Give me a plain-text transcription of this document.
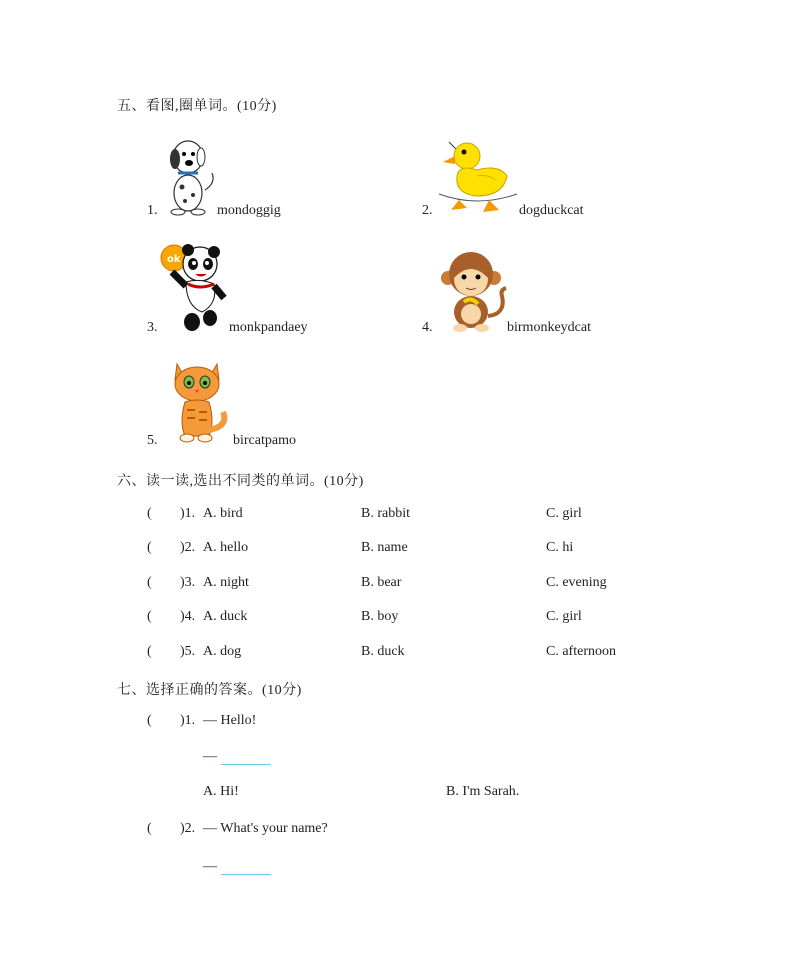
五、看图,圈单词。(10分)
1.	mondoggig	2.	dogduckcat
ok
3.	monkpandaey	4.	birmonkeydcat
5.	bircatpamo
六、读一读,选出不同类的单词。(10分)
( )1. A. bird	B. rabbit	C. girl
( )2. A. hello	B. name	C. hi
( )3. A. night	B. bear	C. evening
( )4. A. duck	B. boy	C. girl
( )5. A. dog	B. duck	C. afternoon
七、选择正确的答案。(10分)
( )1. — Hello!
—
A. Hi!	B. I'm Sarah.
( )2. — What's your name?
—
